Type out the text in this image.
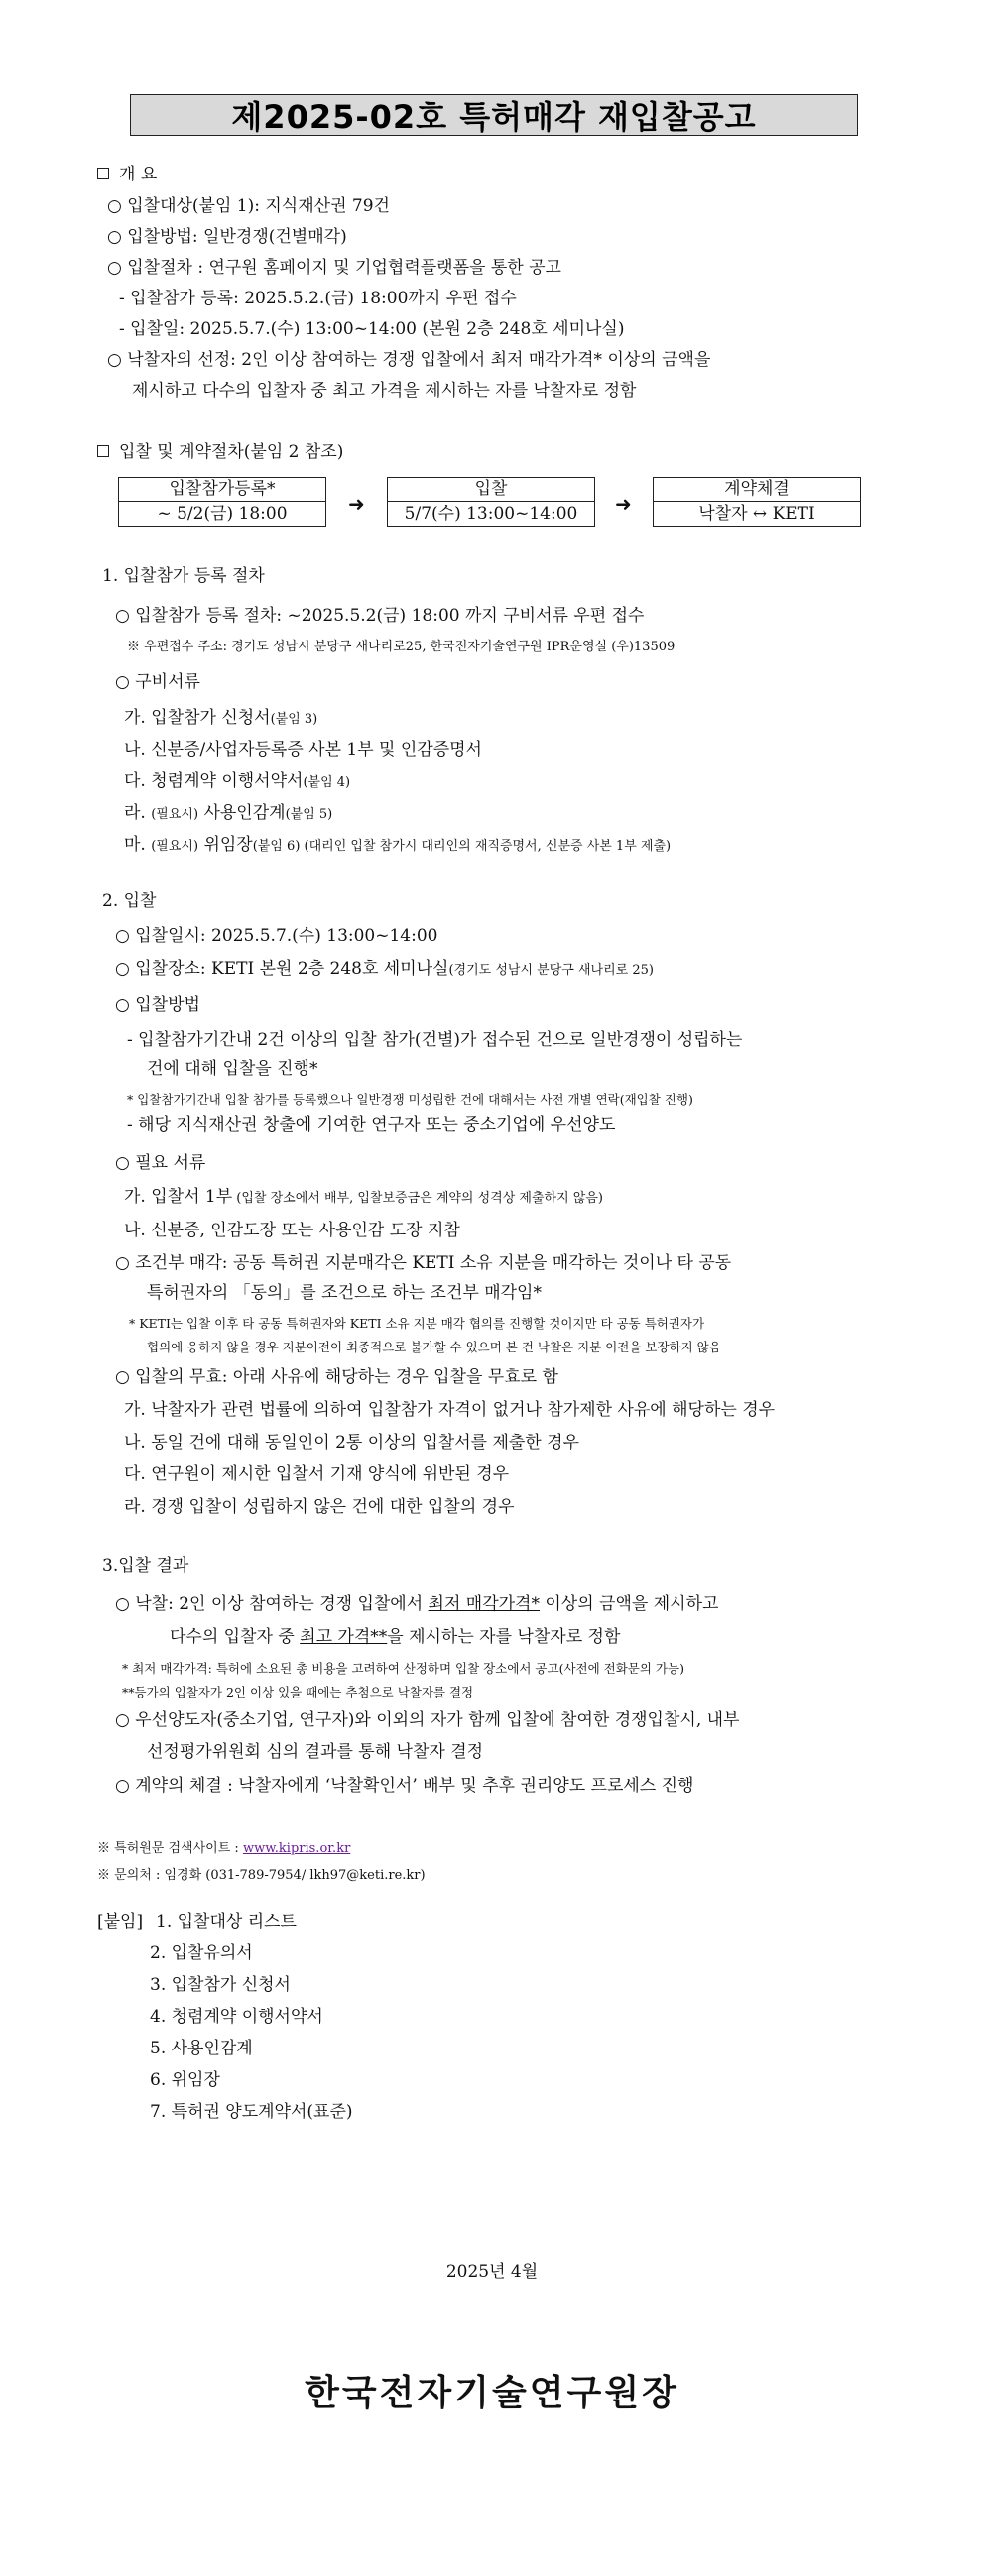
제2025-02호 특허매각 재입찰공고
개 요
○ 입찰대상(붙임 1): 지식재산권 79건
○ 입찰방법: 일반경쟁(건별매각)
○ 입찰절차 : 연구원 홈페이지 및 기업협력플랫폼을 통한 공고
- 입찰참가 등록: 2025.5.2.(금) 18:00까지 우편 접수
- 입찰일: 2025.5.7.(수) 13:00~14:00 (본원 2층 248호 세미나실)
○ 낙찰자의 선정: 2인 이상 참여하는 경쟁 입찰에서 최저 매각가격* 이상의 금액을
제시하고 다수의 입찰자 중 최고 가격을 제시하는 자를 낙찰자로 정함
입찰 및 계약절차(붙임 2 참조)
입찰참가등록*
~ 5/2(금) 18:00	➜
입찰
5/7(수) 13:00~14:00	➜
계약체결
낙찰자 ↔ KETI
1. 입찰참가 등록 절차
○ 입찰참가 등록 절차: ~2025.5.2(금) 18:00 까지 구비서류 우편 접수
※ 우편접수 주소: 경기도 성남시 분당구 새나리로25, 한국전자기술연구원 IPR운영실 (우)13509
○ 구비서류
가. 입찰참가 신청서(붙임 3)
나. 신분증/사업자등록증 사본 1부 및 인감증명서
다. 청렴계약 이행서약서(붙임 4)
라. (필요시) 사용인감계(붙임 5)
마. (필요시) 위임장(붙임 6) (대리인 입찰 참가시 대리인의 재직증명서, 신분증 사본 1부 제출)
2. 입찰
○ 입찰일시: 2025.5.7.(수) 13:00~14:00
○ 입찰장소: KETI 본원 2층 248호 세미나실(경기도 성남시 분당구 새나리로 25)
○ 입찰방법
- 입찰참가기간내 2건 이상의 입찰 참가(건별)가 접수된 건으로 일반경쟁이 성립하는
건에 대해 입찰을 진행*
* 입찰참가기간내 입찰 참가를 등록했으나 일반경쟁 미성립한 건에 대해서는 사전 개별 연락(재입찰 진행)
- 해당 지식재산권 창출에 기여한 연구자 또는 중소기업에 우선양도
○ 필요 서류
가. 입찰서 1부 (입찰 장소에서 배부, 입찰보증금은 계약의 성격상 제출하지 않음)
나. 신분증, 인감도장 또는 사용인감 도장 지참
○ 조건부 매각: 공동 특허권 지분매각은 KETI 소유 지분을 매각하는 것이나 타 공동
특허권자의 「동의」를 조건으로 하는 조건부 매각임*
* KETI는 입찰 이후 타 공동 특허권자와 KETI 소유 지분 매각 협의를 진행할 것이지만 타 공동 특허권자가
협의에 응하지 않을 경우 지분이전이 최종적으로 불가할 수 있으며 본 건 낙찰은 지분 이전을 보장하지 않음
○ 입찰의 무효: 아래 사유에 해당하는 경우 입찰을 무효로 함
가. 낙찰자가 관련 법률에 의하여 입찰참가 자격이 없거나 참가제한 사유에 해당하는 경우
나. 동일 건에 대해 동일인이 2통 이상의 입찰서를 제출한 경우
다. 연구원이 제시한 입찰서 기재 양식에 위반된 경우
라. 경쟁 입찰이 성립하지 않은 건에 대한 입찰의 경우
3.입찰 결과
○ 낙찰: 2인 이상 참여하는 경쟁 입찰에서 최저 매각가격* 이상의 금액을 제시하고
다수의 입찰자 중 최고 가격**을 제시하는 자를 낙찰자로 정함
* 최저 매각가격: 특허에 소요된 총 비용을 고려하여 산정하며 입찰 장소에서 공고(사전에 전화문의 가능)
**등가의 입찰자가 2인 이상 있을 때에는 추첨으로 낙찰자를 결정
○ 우선양도자(중소기업, 연구자)와 이외의 자가 함께 입찰에 참여한 경쟁입찰시, 내부
선정평가위원회 심의 결과를 통해 낙찰자 결정
○ 계약의 체결 : 낙찰자에게 ‘낙찰확인서’ 배부 및 추후 권리양도 프로세스 진행
※ 특허원문 검색사이트 : www.kipris.or.kr
※ 문의처 : 임경화 (031-789-7954/ lkh97@keti.re.kr)
[붙임] 1. 입찰대상 리스트
2. 입찰유의서
3. 입찰참가 신청서
4. 청렴계약 이행서약서
5. 사용인감계
6. 위임장
7. 특허권 양도계약서(표준)
2025년 4월
한국전자기술연구원장
